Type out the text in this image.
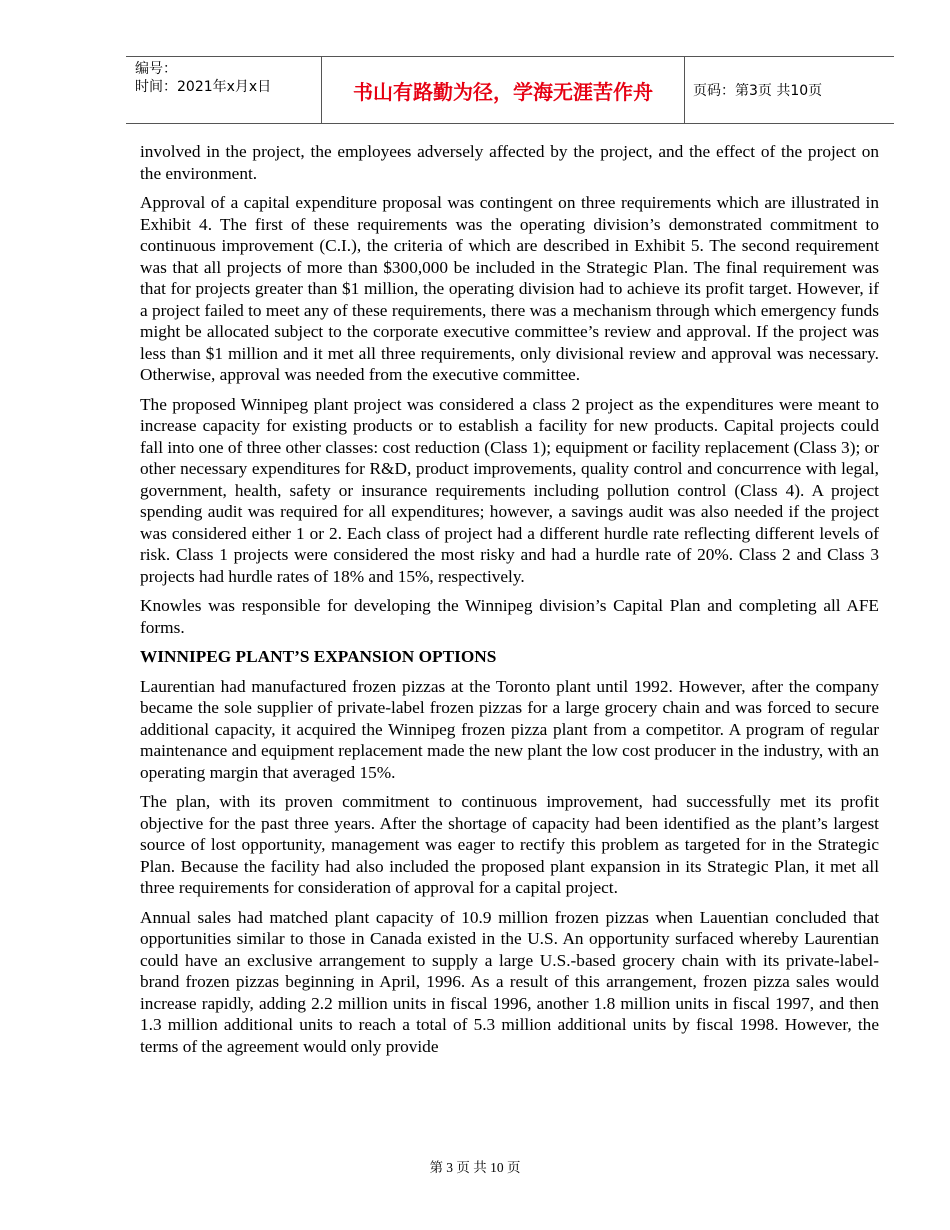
编号：
时间：2021年x月x日	书山有路勤为径，学海无涯苦作舟	页码：第3页 共10页

involved in the project, the employees adversely affected by the project, and the effect of the project on the environment.

Approval of a capital expenditure proposal was contingent on three requirements which are illustrated in Exhibit 4. The first of these requirements was the operating division’s demonstrated commitment to continuous improvement (C.I.), the criteria of which are described in Exhibit 5. The second requirement was that all projects of more than $300,000 be included in the Strategic Plan. The final requirement was that for projects greater than $1 million, the operating division had to achieve its profit target. However, if a project failed to meet any of these requirements, there was a mechanism through which emergency funds might be allocated subject to the corporate executive committee’s review and approval. If the project was less than $1 million and it met all three requirements, only divisional review and approval was necessary. Otherwise, approval was needed from the executive committee.

The proposed Winnipeg plant project was considered a class 2 project as the expenditures were meant to increase capacity for existing products or to establish a facility for new products. Capital projects could fall into one of three other classes: cost reduction (Class 1); equipment or facility replacement (Class 3); or other necessary expenditures for R&D, product improvements, quality control and concurrence with legal, government, health, safety or insurance requirements including pollution control (Class 4). A project spending audit was required for all expenditures; however, a savings audit was also needed if the project was considered either 1 or 2. Each class of project had a different hurdle rate reflecting different levels of risk. Class 1 projects were considered the most risky and had a hurdle rate of 20%. Class 2 and Class 3 projects had hurdle rates of 18% and 15%, respectively.

Knowles was responsible for developing the Winnipeg division’s Capital Plan and completing all AFE forms.

WINNIPEG PLANT’S EXPANSION OPTIONS

Laurentian had manufactured frozen pizzas at the Toronto plant until 1992. However, after the company became the sole supplier of private-label frozen pizzas for a large grocery chain and was forced to secure additional capacity, it acquired the Winnipeg frozen pizza plant from a competitor. A program of regular maintenance and equipment replacement made the new plant the low cost producer in the industry, with an operating margin that averaged 15%.

The plan, with its proven commitment to continuous improvement, had successfully met its profit objective for the past three years. After the shortage of capacity had been identified as the plant’s largest source of lost opportunity, management was eager to rectify this problem as targeted for in the Strategic Plan. Because the facility had also included the proposed plant expansion in its Strategic Plan, it met all three requirements for consideration of approval for a capital project.

Annual sales had matched plant capacity of 10.9 million frozen pizzas when Lauentian concluded that opportunities similar to those in Canada existed in the U.S. An opportunity surfaced whereby Laurentian could have an exclusive arrangement to supply a large U.S.-based grocery chain with its private-label-brand frozen pizzas beginning in April, 1996. As a result of this arrangement, frozen pizza sales would increase rapidly, adding 2.2 million units in fiscal 1996, another 1.8 million units in fiscal 1997, and then 1.3 million additional units to reach a total of 5.3 million additional units by fiscal 1998. However, the terms of the agreement would only provide

第 3 页 共 10 页
